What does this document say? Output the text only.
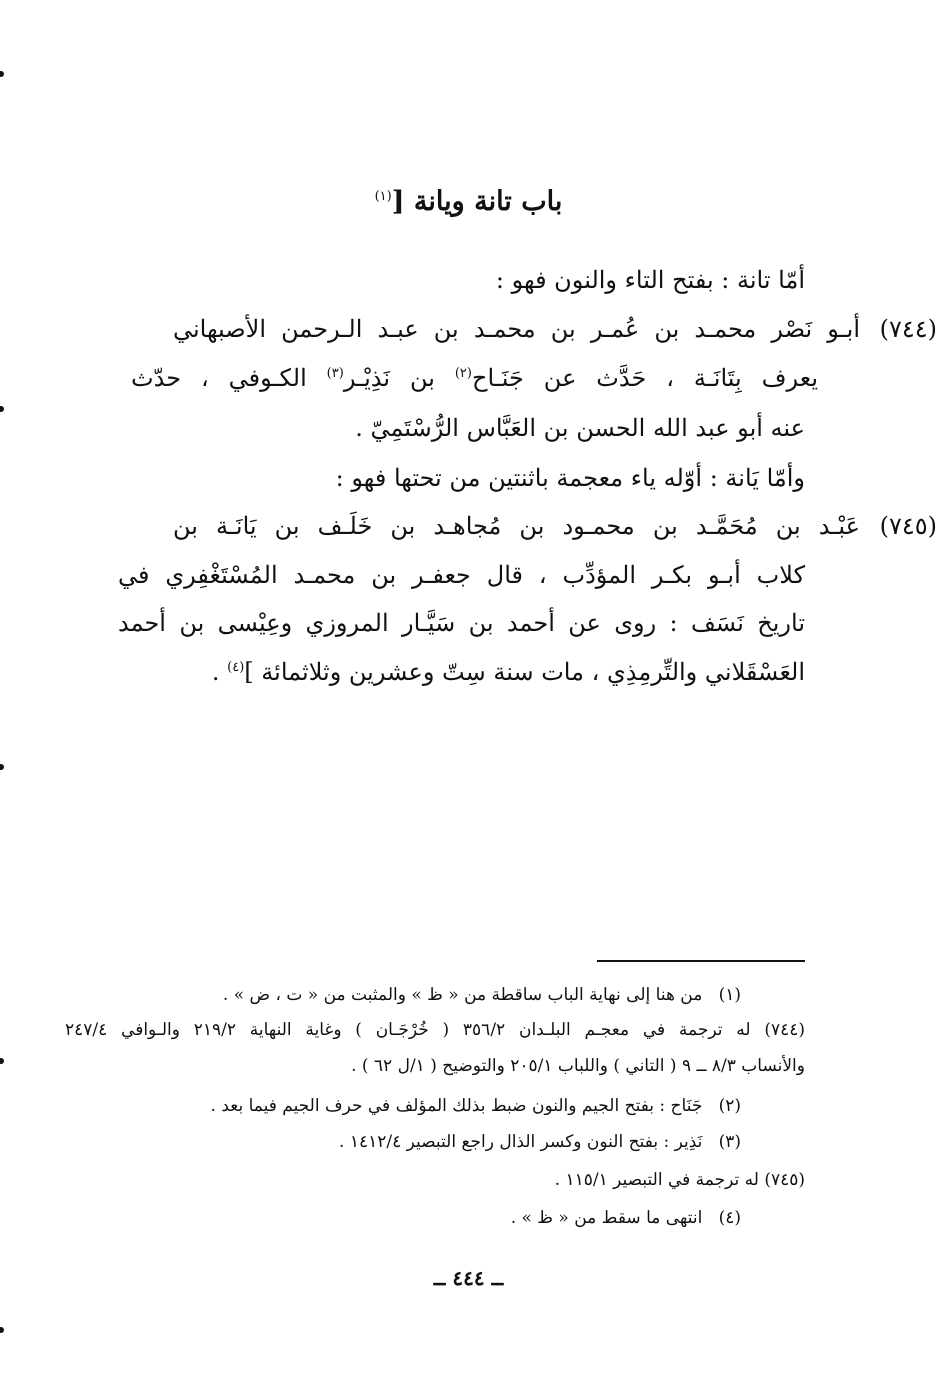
باب تانة ويانة [$^{(١)}$
أمّا تانة : بفتح التاء والنون فهو :
(٧٤٤)
أبـو نَصْر محمـد بن عُمـر بن محمـد بن عبـد الـرحمن الأصبهاني
يعرف بِتَانَـة ، حَدَّث عن جَنَـاح$^{(٢)}$ بن نَذِيْـر$^{(٣)}$ الكـوفي ، حدّث
عنه أبو عبد الله الحسن بن العَبَّاس الرُّسْتَمِيّ .
وأمّا يَانة : أوّله ياء معجمة باثنتين من تحتها فهو :
(٧٤٥)
عَبْـد بن مُحَمَّـد بن محمـود بن مُجاهـد بن خَلَـف بن يَانَـة بن
كلاب أبـو بكـر المؤدِّب ، قال جعفـر بن محمـد المُسْتَغْفِري في
تاريخ نَسَف : روى عن أحمد بن سَيَّـار المروزي وعِيْسى بن أحمد
العَسْقَلاني والتِّرمِذِي ، مات سنة سِتّ وعشرين وثلاثمائة ]$^{(٤)}$ .
(١)   من هنا إلى نهاية الباب ساقطة من « ظ » والمثبت من « ت ، ض » .
(٧٤٤) له ترجمة في معجـم البلـدان ٣٥٦/٢ ( خُرْجَـان ) وغاية النهاية ٢١٩/٢ والـوافي ٢٤٧/٤
والأنساب ٨/٣ ــ ٩ ( التاني ) واللباب ٢٠٥/١ والتوضيح ( ١/ل ٦٢ ) .
(٢)   جَنَاح : بفتح الجيم والنون ضبط بذلك المؤلف في حرف الجيم فيما بعد .
(٣)   نَذِير : بفتح النون وكسر الذال راجع التبصير ١٤١٢/٤ .
(٧٤٥) له ترجمة في التبصير ١١٥/١ .
(٤)   انتهى ما سقط من « ظ » .
ــ ٤٤٤ ــ
